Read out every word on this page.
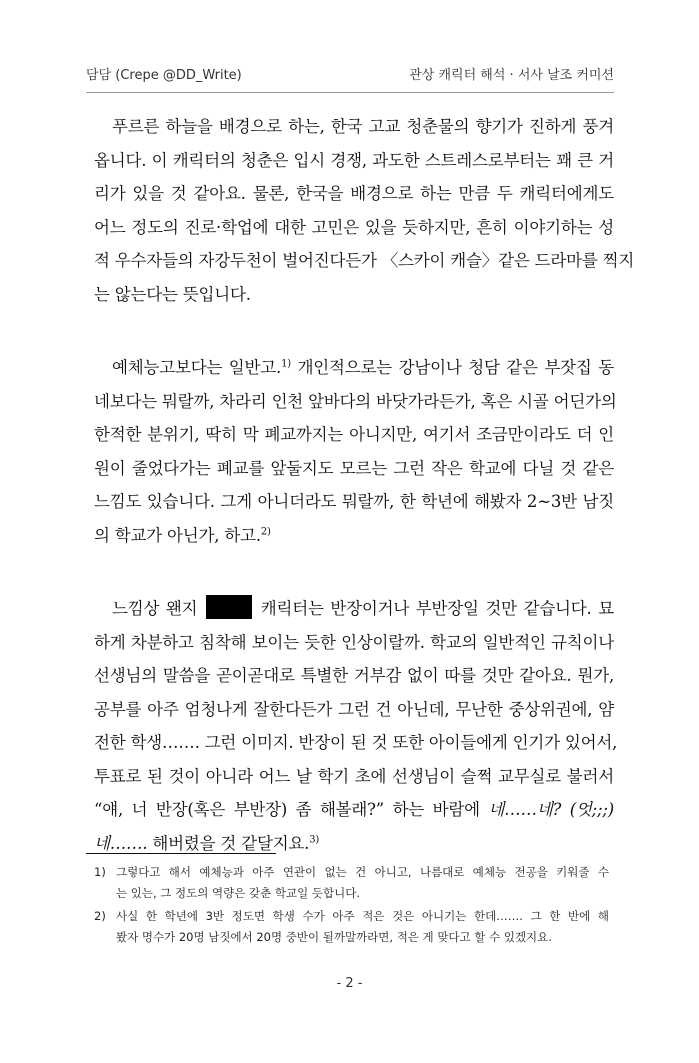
담담 (Crepe @DD_Write)	관상 캐릭터 해석 · 서사 날조 커미션

푸르른 하늘을 배경으로 하는, 한국 고교 청춘물의 향기가 진하게 풍겨
옵니다. 이 캐릭터의 청춘은 입시 경쟁, 과도한 스트레스로부터는 꽤 큰 거
리가 있을 것 같아요. 물론, 한국을 배경으로 하는 만큼 두 캐릭터에게도
어느 정도의 진로·학업에 대한 고민은 있을 듯하지만, 흔히 이야기하는 성
적 우수자들의 자강두천이 벌어진다든가 〈스카이 캐슬〉같은 드라마를 찍지
는 않는다는 뜻입니다.

예체능고보다는 일반고.$^{1)}$ 개인적으로는 강남이나 청담 같은 부잣집 동
네보다는 뭐랄까, 차라리 인천 앞바다의 바닷가라든가, 혹은 시골 어딘가의
한적한 분위기, 딱히 막 폐교까지는 아니지만, 여기서 조금만이라도 더 인
원이 줄었다가는 폐교를 앞둘지도 모르는 그런 작은 학교에 다닐 것 같은
느낌도 있습니다. 그게 아니더라도 뭐랄까, 한 학년에 해봤자 2~3반 남짓
의 학교가 아닌가, 하고.$^{2)}$

느낌상 왠지	캐릭터는 반장이거나 부반장일 것만 같습니다. 묘
하게 차분하고 침착해 보이는 듯한 인상이랄까. 학교의 일반적인 규칙이나
선생님의 말씀을 곧이곧대로 특별한 거부감 없이 따를 것만 같아요. 뭔가,
공부를 아주 엄청나게 잘한다든가 그런 건 아닌데, 무난한 중상위권에, 얌
전한 학생……. 그런 이미지. 반장이 된 것 또한 아이들에게 인기가 있어서,
투표로 된 것이 아니라 어느 날 학기 초에 선생님이 슬쩍 교무실로 불러서
“얘, 너 반장(혹은 부반장) 좀 해볼래?” 하는 바람에 네……네? (엇;;;)
네……. 해버렸을 것 같달지요.$^{3)}$

1) 그렇다고 해서 예체능과 아주 연관이 없는 건 아니고, 나름대로 예체능 전공을 키워줄 수
는 있는, 그 정도의 역량은 갖춘 학교일 듯합니다.
2) 사실 한 학년에 3반 정도면 학생 수가 아주 적은 것은 아니기는 한데……. 그 한 반에 해
봤자 명수가 20명 남짓에서 20명 중반이 될까말까라면, 적은 게 맞다고 할 수 있겠지요.
- 2 -
